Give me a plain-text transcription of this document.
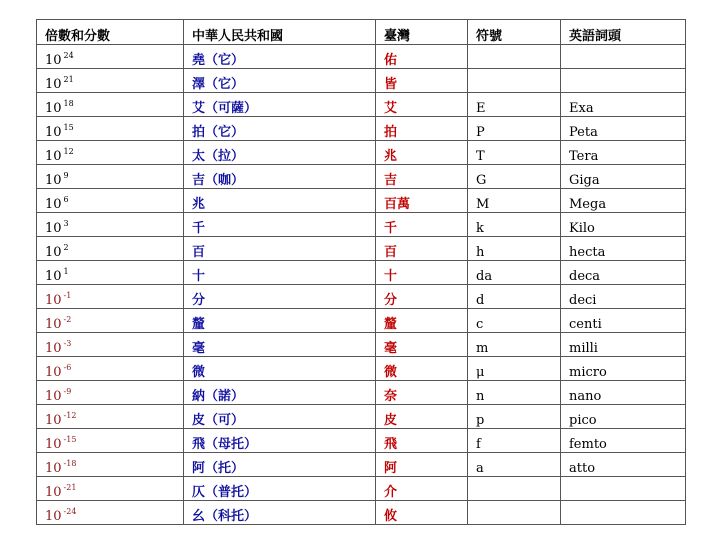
倍數和分數	中華人民共和國	臺灣	符號	英語詞頭
10 $^{24}$	堯（它）	佑		
10 $^{21}$	澤（它）	皆		
10 $^{18}$	艾（可薩）	艾	E	Exa
10 $^{15}$	拍（它）	拍	P	Peta
10 $^{12}$	太（拉）	兆	T	Tera
10 $^9$	吉（咖）	吉	G	Giga
10 $^6$	兆	百萬	M	Mega
10 $^3$	千	千	k	Kilo
10 $^2$	百	百	h	hecta
10 $^1$	十	十	da	deca
10 $^{-1}$	分	分	d	deci
10 $^{-2}$	釐	釐	c	centi
10 $^{-3}$	毫	毫	m	milli
10 $^{-6}$	微	微	μ	micro
10 $^{-9}$	納（諾）	奈	n	nano
10 $^{-12}$	皮（可）	皮	p	pico
10 $^{-15}$	飛（母托）	飛	f	femto
10 $^{-18}$	阿（托）	阿	a	atto
10 $^{-21}$	仄（普托）	介		
10 $^{-24}$	幺（科托）	攸		
